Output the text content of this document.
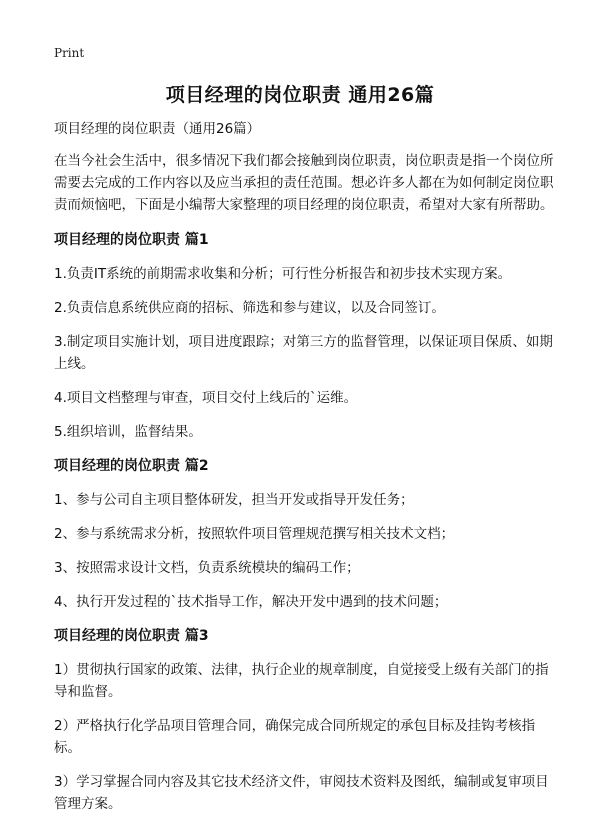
Print
项目经理的岗位职责 通用26篇

项目经理的岗位职责（通用26篇）

在当今社会生活中，很多情况下我们都会接触到岗位职责，岗位职责是指一个岗位所需要去完成的工作内容以及应当承担的责任范围。想必许多人都在为如何制定岗位职责而烦恼吧，下面是小编帮大家整理的项目经理的岗位职责，希望对大家有所帮助。

项目经理的岗位职责 篇1

1.负责IT系统的前期需求收集和分析；可行性分析报告和初步技术实现方案。

2.负责信息系统供应商的招标、筛选和参与建议，以及合同签订。

3.制定项目实施计划，项目进度跟踪；对第三方的监督管理，以保证项目保质、如期上线。

4.项目文档整理与审查，项目交付上线后的`运维。

5.组织培训，监督结果。

项目经理的岗位职责 篇2

1、参与公司自主项目整体研发，担当开发或指导开发任务；

2、参与系统需求分析，按照软件项目管理规范撰写相关技术文档；

3、按照需求设计文档，负责系统模块的编码工作；

4、执行开发过程的`技术指导工作，解决开发中遇到的技术问题；

项目经理的岗位职责 篇3

1）贯彻执行国家的政策、法律，执行企业的规章制度，自觉接受上级有关部门的指导和监督。

2）严格执行化学品项目管理合同，确保完成合同所规定的承包目标及挂钩考核指标。

3）学习掌握合同内容及其它技术经济文件，审阅技术资料及图纸，编制或复审项目管理方案。
